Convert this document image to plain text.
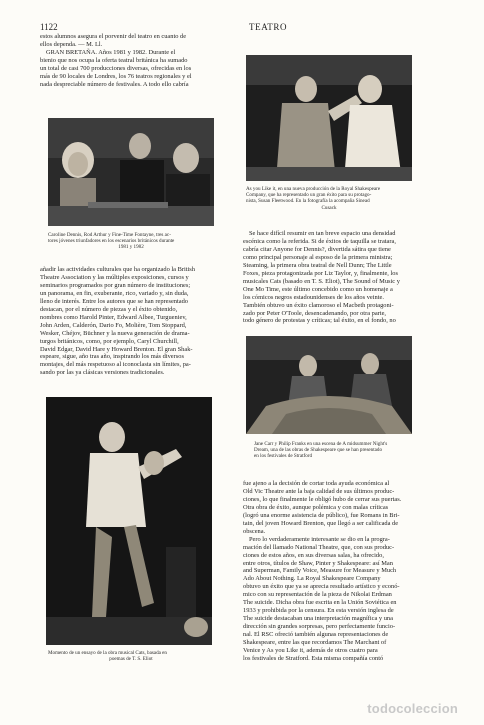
1122	TEATRO

estos alumnos asegura el porvenir del teatro en cuanto de

ellos dependa. — M. Ll.

GRAN BRETAÑA. Años 1981 y 1982. Durante el

bienio que nos ocupa la oferta teatral británica ha sumado

un total de casi 700 producciones diversas, ofrecidas en los

más de 90 locales de Londres, los 76 teatros regionales y el

nada despreciable número de festivales. A todo ello cabría

Caroline Dennis, Rod Arthur y Fine-Time Fontayne, tres ac-
tores jóvenes triunfadores en los escenarios británicos durante
1981 y 1982

añadir las actividades culturales que ha organizado la British

Theatre Association y las múltiples exposiciones, cursos y

seminarios programados por gran número de instituciones;

un panorama, en fin, exuberante, rico, variado y, sin duda,

lleno de interés. Entre los autores que se han representado

destacan, por el número de piezas y el éxito obtenido,

nombres como Harold Pinter, Edward Albee, Turgueniev,

John Arden, Calderón, Dario Fo, Molière, Tom Stoppard,

Wesker, Chéjov, Büchner y la nueva generación de drama-

turgos británicos, como, por ejemplo, Caryl Churchill,

David Edgar, David Hare y Howard Brenton. El gran Shak-

espeare, sigue, año tras año, inspirando los más diversos

montajes, del más respetuoso al iconoclasta sin límites, pa-

sando por las ya clásicas versiones tradicionales.

Momento de un ensayo de la obra musical Cats, basada en
poemas de T. S. Eliot
As you Like it, en una nueva producción de la Royal Shakespeare
Company, que ha representado un gran éxito para su protago-
nista, Susan Fleetwood. En la fotografía la acompaña Sinead
Cusack

Se hace difícil resumir en tan breve espacio una densidad

escénica como la referida. Si de éxitos de taquilla se tratara,

cabría citar Anyone for Dennis?, divertida sátira que tiene

como principal personaje al esposo de la primera ministra;

Steaming, la primera obra teatral de Nell Dunn; The Little

Foxes, pieza protagonizada por Liz Taylor, y, finalmente, los

musicales Cats (basado en T. S. Eliot), The Sound of Music y

One Mo Time, este último concebido como un homenaje a

los cómicos negros estadounidenses de los años veinte.

También obtuvo un éxito clamoroso el Macbeth protagoni-

zado por Peter O'Toole, desencadenando, por otra parte,

todo género de protestas y críticas; tal éxito, en el fondo, no

Jane Carr y Philip Franks en una escena de A midsummer Night's
Dream, una de las obras de Shakespeare que se han presentado
en los festivales de Stratford

fue ajeno a la decisión de cortar toda ayuda económica al

Old Vic Theatre ante la baja calidad de sus últimos produc-

ciones, lo que finalmente le obligó hubo de cerrar sus puertas.

Otra obra de éxito, aunque polémica y con malas críticas

(logró una enorme asistencia de público), fue Romans in Bri-

tain, del joven Howard Brenton, que llegó a ser calificada de

obscena.

Pero lo verdaderamente interesante se dio en la progra-

mación del llamado National Theatre, que, con sus produc-

ciones de estos años, en sus diversas salas, ha ofrecido,

entre otros, títulos de Shaw, Pinter y Shakespeare: así Man

and Superman, Family Voice, Measure for Measure y Much

Ado About Nothing. La Royal Shakespeare Company

obtuvo un éxito que ya se aprecia resultado artístico y econó-

mico con su representación de la pieza de Nikolai Erdman

The suicide. Dicha obra fue escrita en la Unión Soviética en

1933 y prohibida por la censura. En esta versión inglesa de

The suicide destacaban una interpretación magnífica y una

dirección sin grandes sorpresas, pero perfectamente funcio-

nal. El RSC ofreció también algunas representaciones de

Shakespeare, entre las que recordamos The Marchant of

Venice y As you Like it, además de otros cuatro para

los festivales de Stratford. Esta misma compañía contó

todocoleccion
